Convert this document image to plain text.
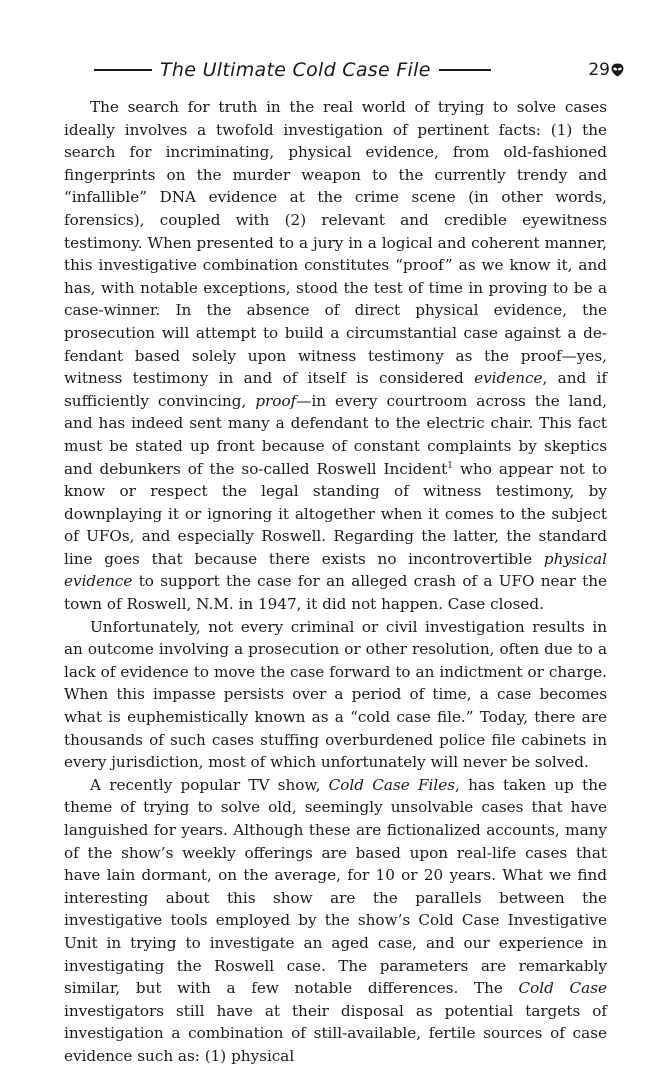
The Ultimate Cold Case File	29

The search for truth in the real world of trying to solve cases ideally involves a twofold investigation of pertinent facts: (1) the search for incriminating, physical evidence, from old-fashioned fingerprints on the murder weapon to the currently trendy and “infallible” DNA evidence at the crime scene (in other words, forensics), coupled with (2) relevant and credible eyewitness testimony. When presented to a jury in a logical and coherent manner, this investigative combination constitutes “proof” as we know it, and has, with notable exceptions, stood the test of time in proving to be a case-winner. In the absence of direct physical evidence, the prosecution will attempt to build a circumstantial case against a defendant based solely upon witness testimony as the proof—yes, witness testimony in and of itself is considered evidence, and if sufficiently convincing, proof—in every courtroom across the land, and has indeed sent many a defendant to the electric chair. This fact must be stated up front because of constant complaints by skeptics and debunkers of the so-called Roswell Incident$^1$ who appear not to know or respect the legal standing of witness testimony, by downplaying it or ignoring it altogether when it comes to the subject of UFOs, and especially Roswell. Regarding the latter, the standard line goes that because there exists no incontrovertible physical evidence to support the case for an alleged crash of a UFO near the town of Roswell, N.M. in 1947, it did not happen. Case closed.

Unfortunately, not every criminal or civil investigation results in an outcome involving a prosecution or other resolution, often due to a lack of evidence to move the case forward to an indictment or charge. When this impasse persists over a period of time, a case becomes what is euphemistically known as a “cold case file.” Today, there are thousands of such cases stuffing overburdened police file cabinets in every jurisdiction, most of which unfortunately will never be solved.

A recently popular TV show, Cold Case Files, has taken up the theme of trying to solve old, seemingly unsolvable cases that have languished for years. Although these are fictionalized accounts, many of the show’s weekly offerings are based upon real-life cases that have lain dormant, on the average, for 10 or 20 years. What we find interesting about this show are the parallels between the investigative tools employed by the show’s Cold Case Investigative Unit in trying to investigate an aged case, and our experience in investigating the Roswell case. The parameters are remarkably similar, but with a few notable differences. The Cold Case investigators still have at their disposal as potential targets of investigation a combination of still-available, fertile sources of case evidence such as: (1) physical
